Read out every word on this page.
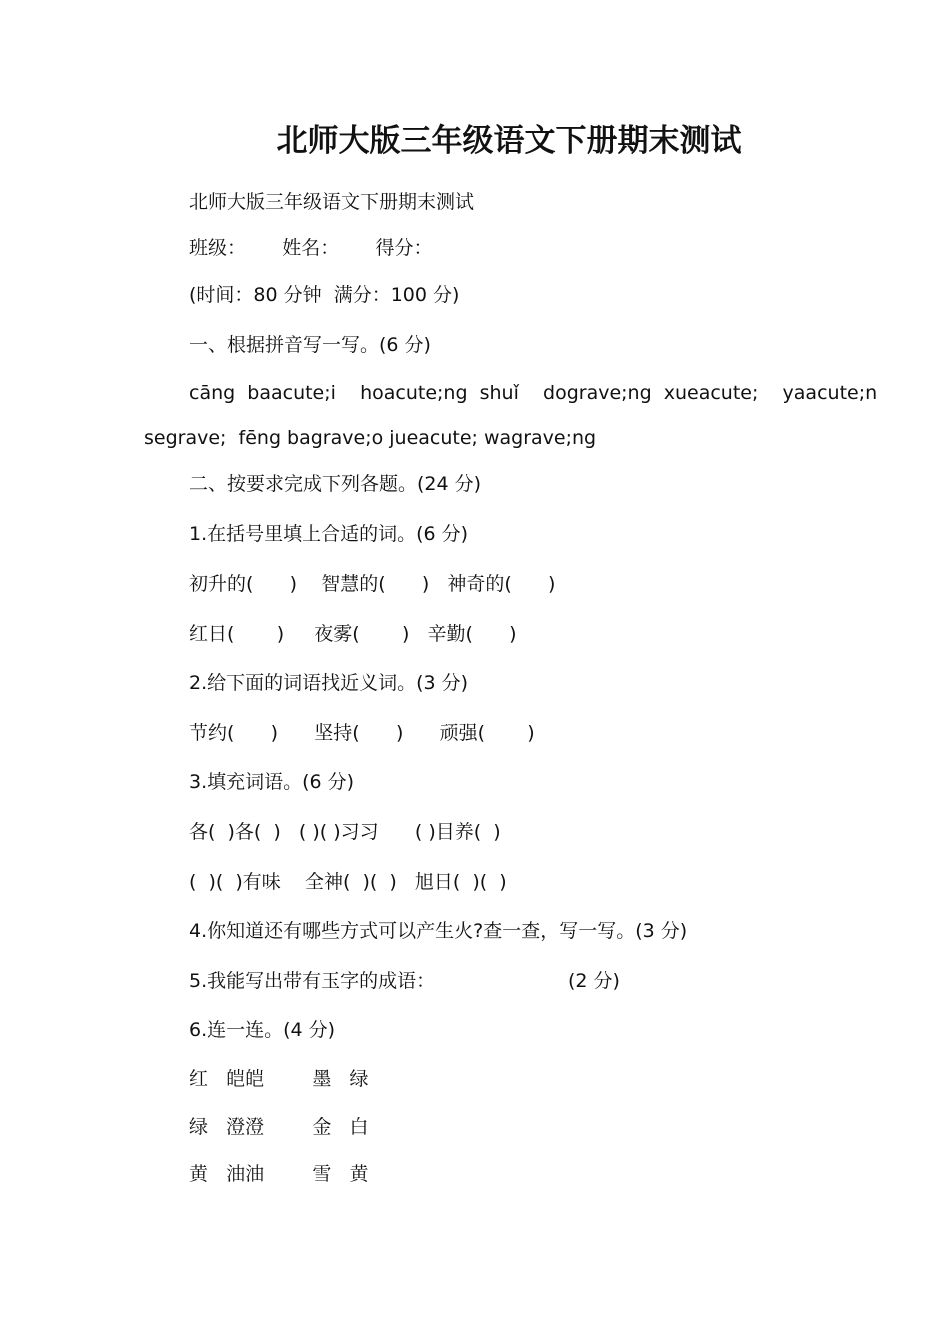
北师大版三年级语文下册期末测试
北师大版三年级语文下册期末测试
班级：      姓名：      得分：
(时间：80 分钟  满分：100 分)
一、根据拼音写一写。(6 分)
cāng  baacute;i    hoacute;ng  shuǐ    dograve;ng  xueacute;    yaacute;n
segrave;  fēng bagrave;o jueacute; wagrave;ng
二、按要求完成下列各题。(24 分)
1.在括号里填上合适的词。(6 分)
初升的(      )    智慧的(      )   神奇的(      )
红日(       )     夜雾(       )   辛勤(      )
2.给下面的词语找近义词。(3 分)
节约(      )      坚持(      )      顽强(       )
3.填充词语。(6 分)
各(  )各(  )   ( )( )习习      ( )目养(  )
(  )(  )有味    全神(  )(  )   旭日(  )(  )
4.你知道还有哪些方式可以产生火?查一查，写一写。(3 分)
5.我能写出带有玉字的成语：                      (2 分)
6.连一连。(4 分)
红   皑皑        墨   绿
绿   澄澄        金   白
黄   油油        雪   黄
